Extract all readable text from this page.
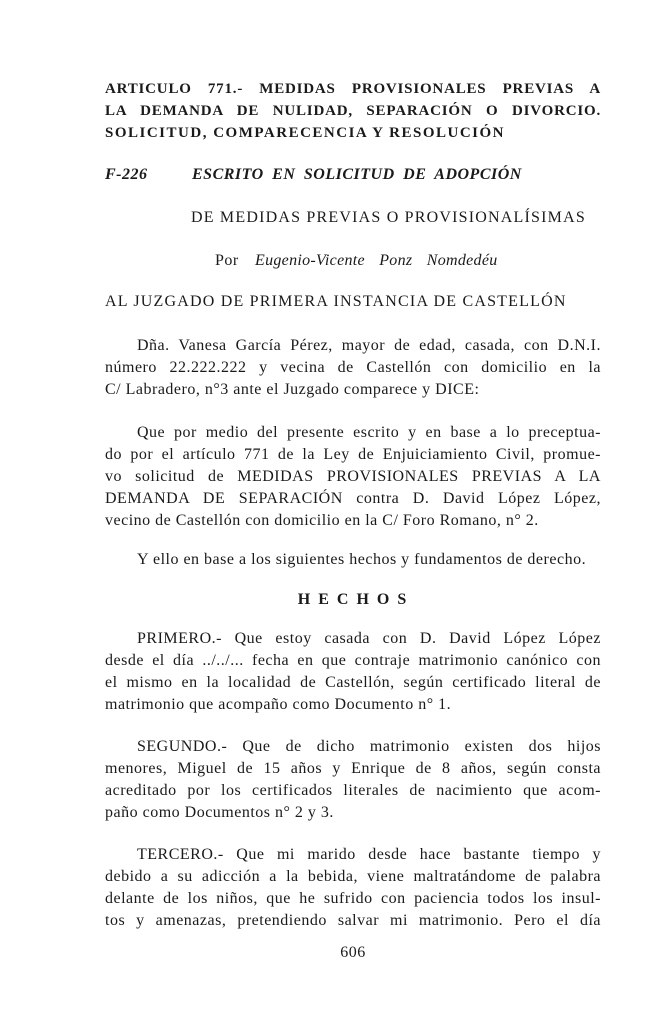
ARTICULO 771.- MEDIDAS PROVISIONALES PREVIAS A
LA DEMANDA DE NULIDAD, SEPARACIÓN O DIVORCIO.
SOLICITUD, COMPARECENCIA Y RESOLUCIÓN
F-226	ESCRITO EN SOLICITUD DE ADOPCIÓN
DE MEDIDAS PREVIAS O PROVISIONALÍSIMAS
Por Eugenio-Vicente Ponz Nomdedéu
AL JUZGADO DE PRIMERA INSTANCIA DE CASTELLÓN
Dña. Vanesa García Pérez, mayor de edad, casada, con D.N.I.
número 22.222.222 y vecina de Castellón con domicilio en la
C/ Labradero, n°3 ante el Juzgado comparece y DICE:
Que por medio del presente escrito y en base a lo preceptua-
do por el artículo 771 de la Ley de Enjuiciamiento Civil, promue-
vo solicitud de MEDIDAS PROVISIONALES PREVIAS A LA
DEMANDA DE SEPARACIÓN contra D. David López López,
vecino de Castellón con domicilio en la C/ Foro Romano, n° 2.
Y ello en base a los siguientes hechos y fundamentos de derecho.
PRIMERO.- Que estoy casada con D. David López López
desde el día ../../... fecha en que contraje matrimonio canónico con
el mismo en la localidad de Castellón, según certificado literal de
matrimonio que acompaño como Documento n° 1.
SEGUNDO.- Que de dicho matrimonio existen dos hijos
menores, Miguel de 15 años y Enrique de 8 años, según consta
acreditado por los certificados literales de nacimiento que acom-
paño como Documentos n° 2 y 3.
TERCERO.- Que mi marido desde hace bastante tiempo y
debido a su adicción a la bebida, viene maltratándome de palabra
delante de los niños, que he sufrido con paciencia todos los insul-
tos y amenazas, pretendiendo salvar mi matrimonio. Pero el día
H E C H O S
606
